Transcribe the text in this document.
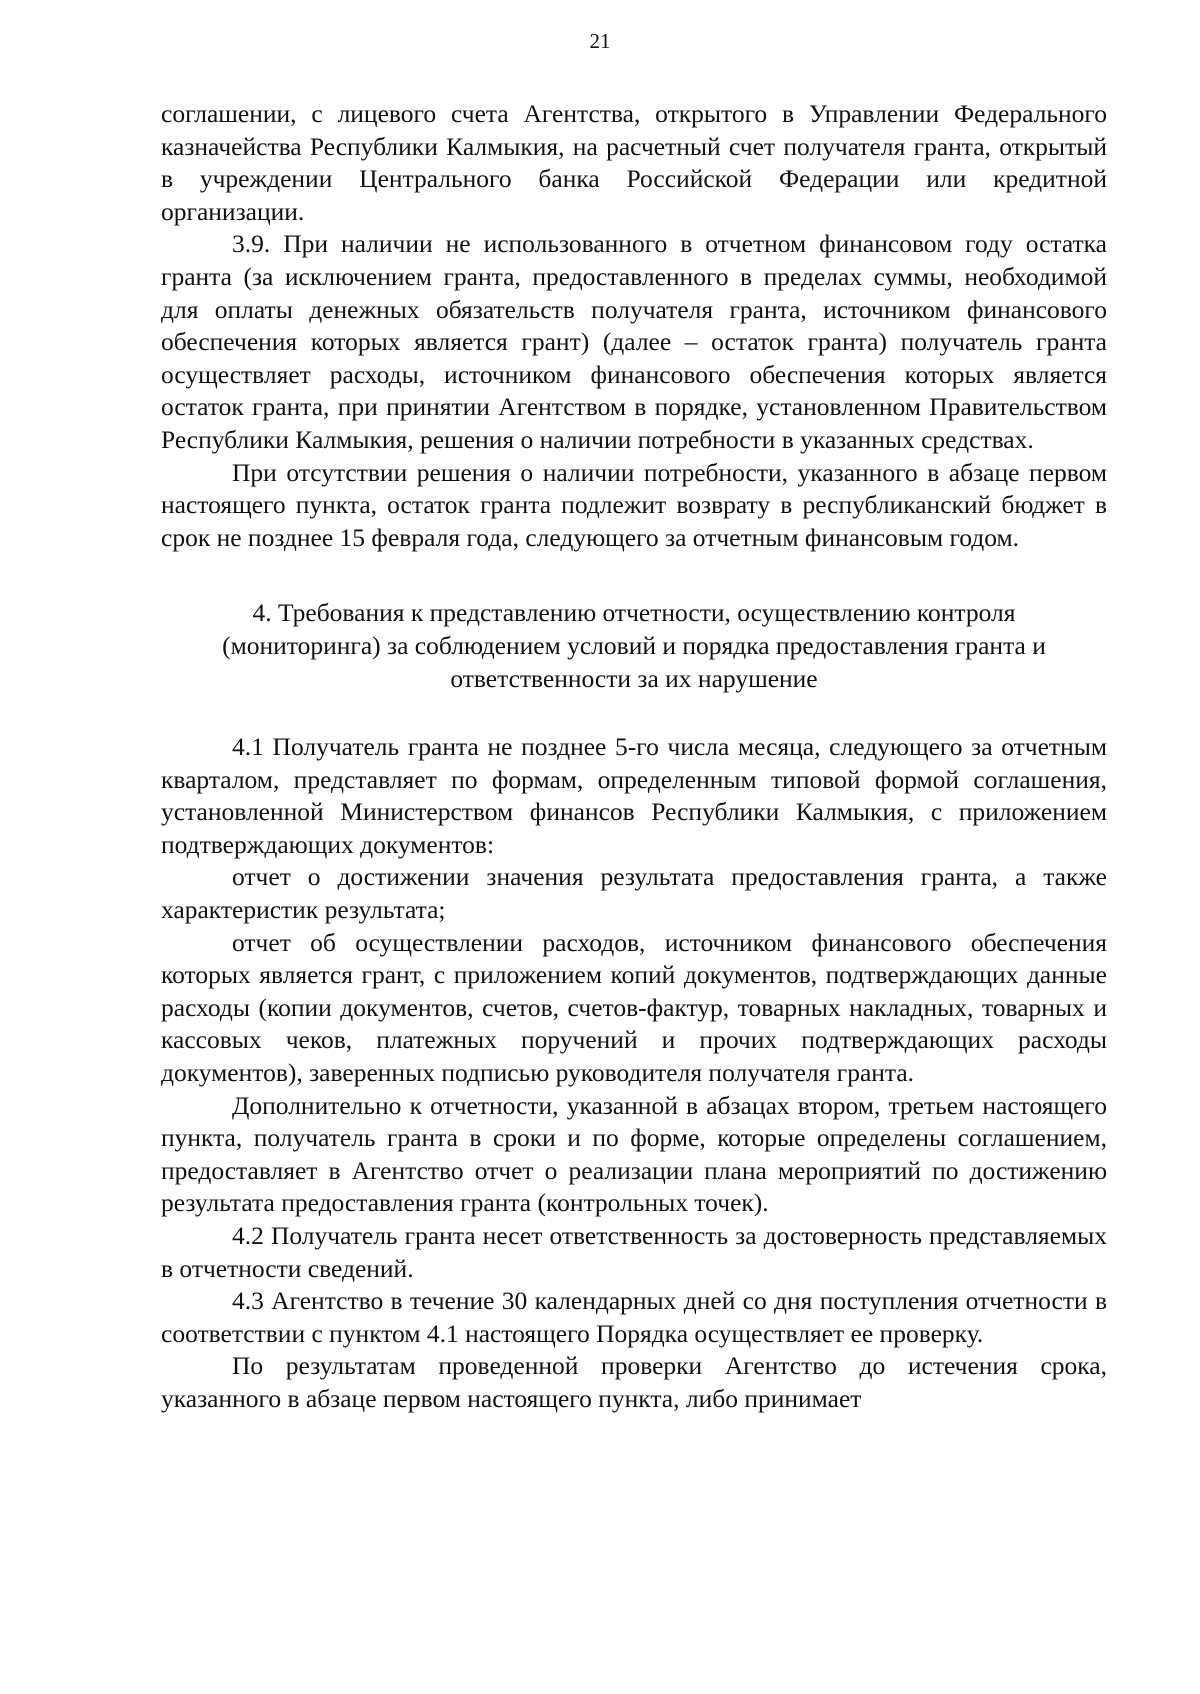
21

соглашении, с лицевого счета Агентства, открытого в Управлении Федерального казначейства Республики Калмыкия, на расчетный счет получателя гранта, открытый в учреждении Центрального банка Российской Федерации или кредитной организации.

3.9. При наличии не использованного в отчетном финансовом году остатка гранта (за исключением гранта, предоставленного в пределах суммы, необходимой для оплаты денежных обязательств получателя гранта, источником финансового обеспечения которых является грант) (далее – остаток гранта) получатель гранта осуществляет расходы, источником финансового обеспечения которых является остаток гранта, при принятии Агентством в порядке, установленном Правительством Республики Калмыкия, решения о наличии потребности в указанных средствах.

При отсутствии решения о наличии потребности, указанного в абзаце первом настоящего пункта, остаток гранта подлежит возврату в республиканский бюджет в срок не позднее 15 февраля года, следующего за отчетным финансовым годом.

4. Требования к представлению отчетности, осуществлению контроля
(мониторинга) за соблюдением условий и порядка предоставления гранта и
ответственности за их нарушение

4.1 Получатель гранта не позднее 5-го числа месяца, следующего за отчетным кварталом, представляет по формам, определенным типовой формой соглашения, установленной Министерством финансов Республики Калмыкия, с приложением подтверждающих документов:

отчет о достижении значения результата предоставления гранта, а также характеристик результата;

отчет об осуществлении расходов, источником финансового обеспечения которых является грант, с приложением копий документов, подтверждающих данные расходы (копии документов, счетов, счетов-фактур, товарных накладных, товарных и кассовых чеков, платежных поручений и прочих подтверждающих расходы документов), заверенных подписью руководителя получателя гранта.

Дополнительно к отчетности, указанной в абзацах втором, третьем настоящего пункта, получатель гранта в сроки и по форме, которые определены соглашением, предоставляет в Агентство отчет о реализации плана мероприятий по достижению результата предоставления гранта (контрольных точек).

4.2 Получатель гранта несет ответственность за достоверность представляемых в отчетности сведений.

4.3 Агентство в течение 30 календарных дней со дня поступления отчетности в соответствии с пунктом 4.1 настоящего Порядка осуществляет ее проверку.

По результатам проведенной проверки Агентство до истечения срока, указанного в абзаце первом настоящего пункта, либо принимает
